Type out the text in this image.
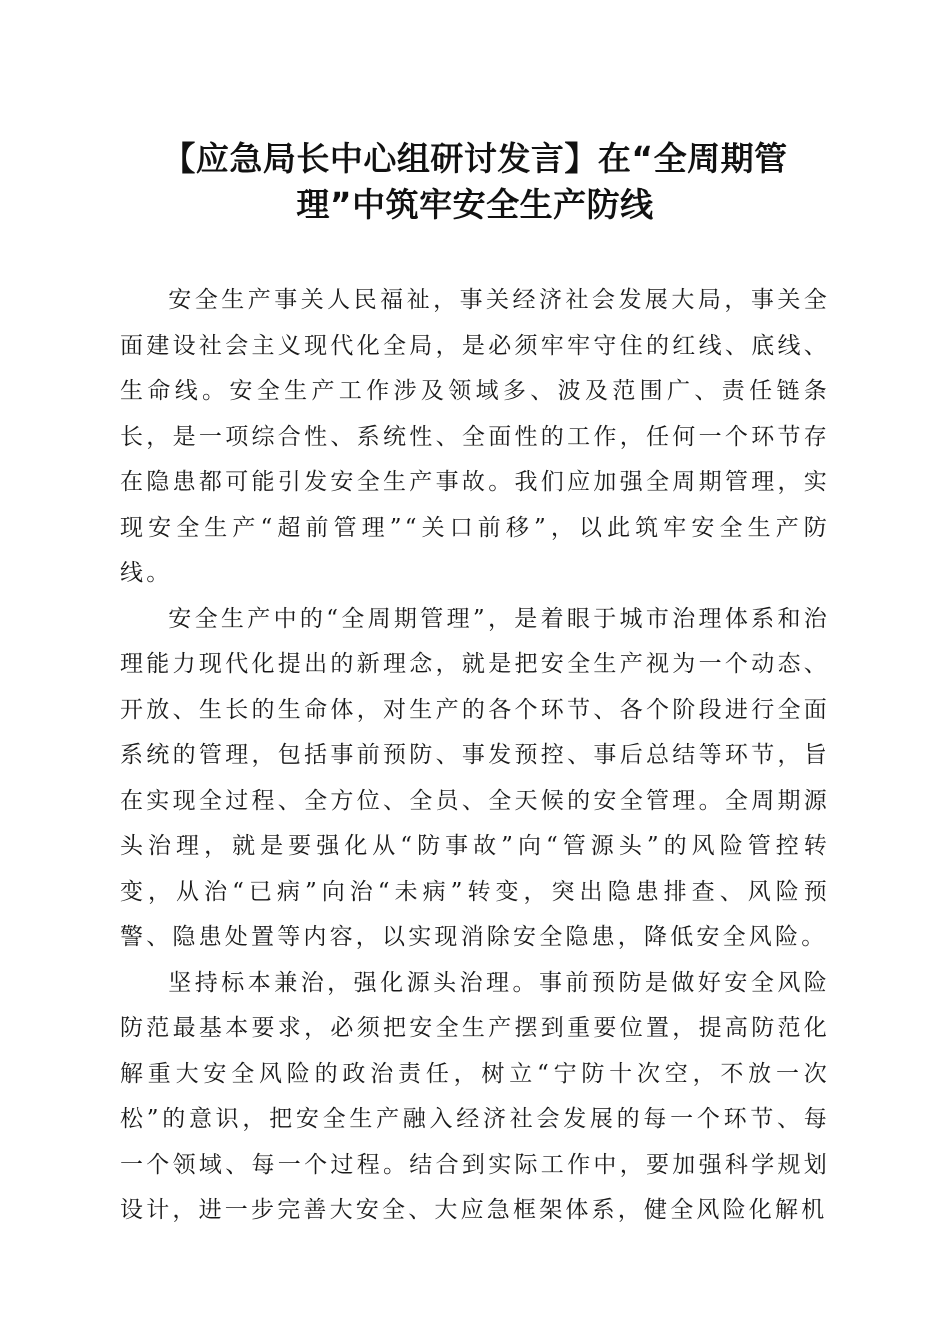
【应急局长中心组研讨发言】在“全周期管
理”中筑牢安全生产防线

安全生产事关人民福祉，事关经济社会发展大局，事关全面建设社会主义现代化全局，是必须牢牢守住的红线、底线、生命线。安全生产工作涉及领域多、波及范围广、责任链条长，是一项综合性、系统性、全面性的工作，任何一个环节存在隐患都可能引发安全生产事故。我们应加强全周期管理，实现安全生产“超前管理”“关口前移”，以此筑牢安全生产防线。

安全生产中的“全周期管理”，是着眼于城市治理体系和治理能力现代化提出的新理念，就是把安全生产视为一个动态、开放、生长的生命体，对生产的各个环节、各个阶段进行全面系统的管理，包括事前预防、事发预控、事后总结等环节，旨在实现全过程、全方位、全员、全天候的安全管理。全周期源头治理，就是要强化从“防事故”向“管源头”的风险管控转变，从治“已病”向治“未病”转变，突出隐患排查、风险预警、隐患处置等内容，以实现消除安全隐患，降低安全风险。

坚持标本兼治，强化源头治理。事前预防是做好安全风险防范最基本要求，必须把安全生产摆到重要位置，提高防范化解重大安全风险的政治责任，树立“宁防十次空，不放一次松”的意识，把安全生产融入经济社会发展的每一个环节、每一个领域、每一个过程。结合到实际工作中，要加强科学规划设计，进一步完善大安全、大应急框架体系，健全风险化解机
